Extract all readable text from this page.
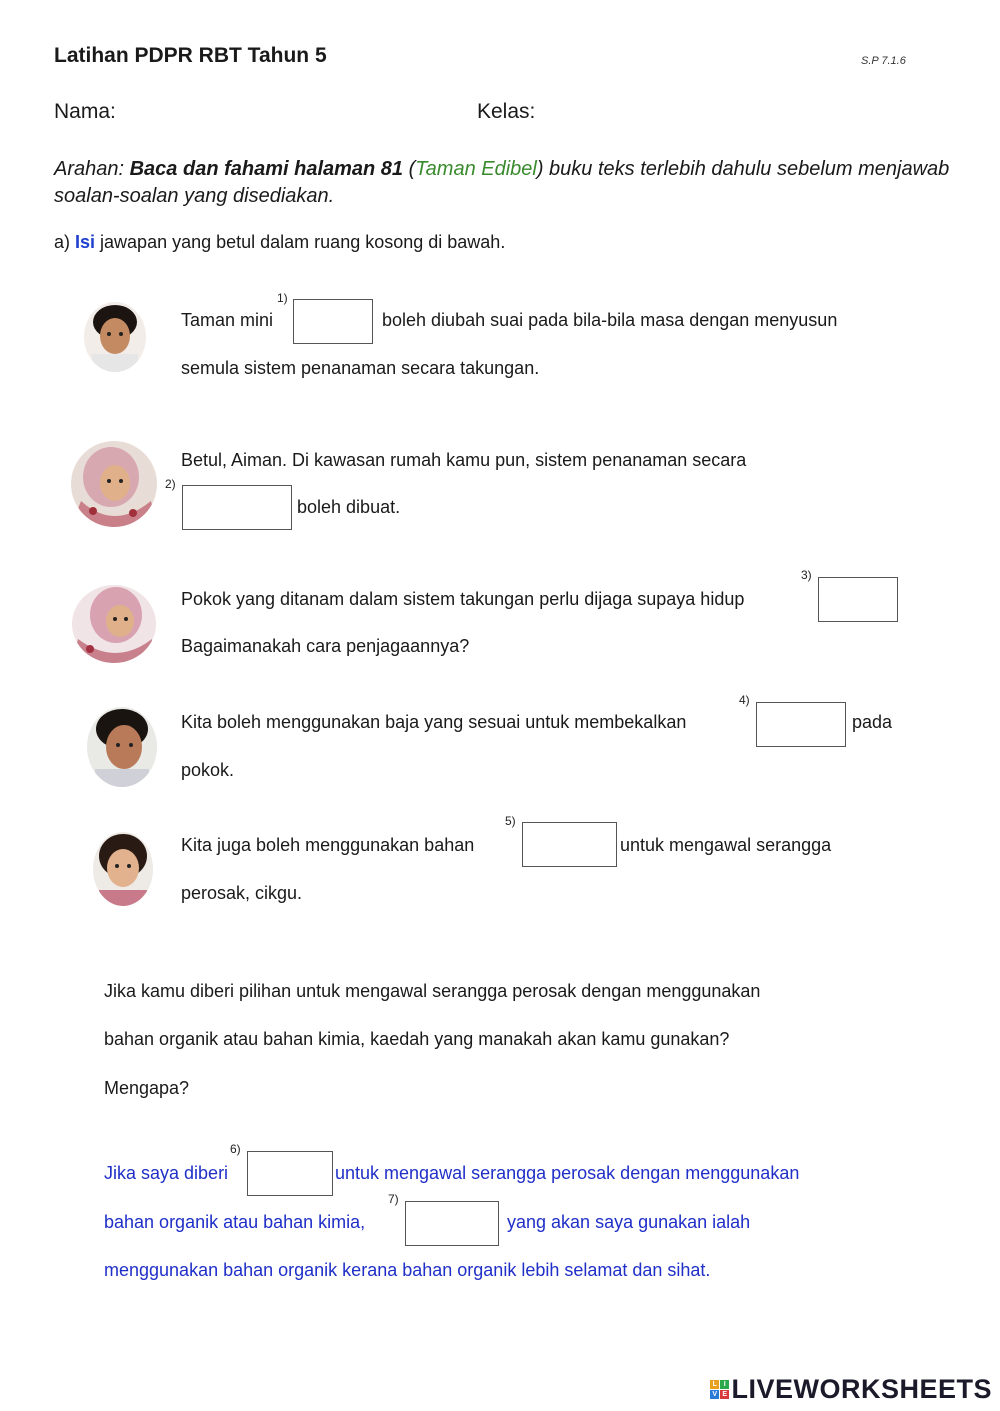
Latihan PDPR RBT Tahun 5	S.P 7.1.6
Nama:	Kelas:
Arahan: Baca dan fahami halaman 81 (Taman Edibel) buku teks terlebih dahulu sebelum menjawab soalan-soalan yang disediakan.
a) Isi jawapan yang betul dalam ruang kosong di bawah.
1)
Taman mini	boleh diubah suai pada bila-bila masa dengan menyusun
semula sistem penanaman secara takungan.
Betul, Aiman. Di kawasan rumah kamu pun, sistem penanaman secara
2)
boleh dibuat.
3)
Pokok yang ditanam dalam sistem takungan perlu dijaga supaya hidup
Bagaimanakah cara penjagaannya?
4)
Kita boleh menggunakan baja yang sesuai untuk membekalkan	pada
pokok.
5)
Kita juga boleh menggunakan bahan	untuk mengawal serangga
perosak, cikgu.
Jika kamu diberi pilihan untuk mengawal serangga perosak dengan menggunakan
bahan organik atau bahan kimia, kaedah yang manakah akan kamu gunakan?
Mengapa?
6)
Jika saya diberi	untuk mengawal serangga perosak dengan menggunakan
7)
bahan organik atau bahan kimia,	yang akan saya gunakan ialah
menggunakan bahan organik kerana bahan organik lebih selamat dan sihat.
L I
V E LIVEWORKSHEETS
